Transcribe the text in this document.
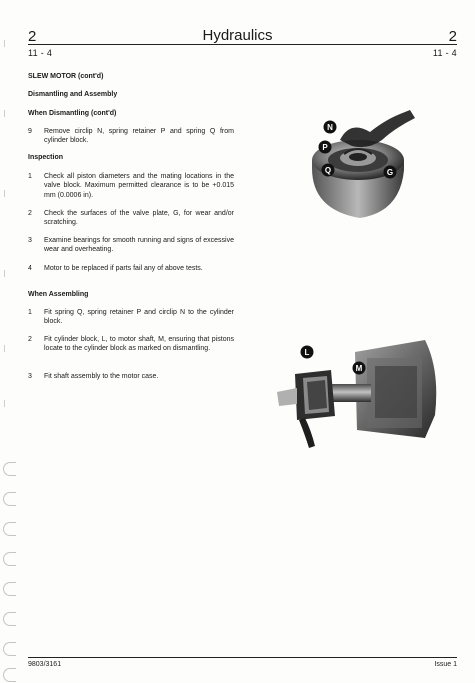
2	Hydraulics	2
11 - 4	11 - 4
SLEW MOTOR (cont'd)
Dismantling and Assembly
When Dismantling (cont'd)
9	Remove circlip N, spring retainer P and spring Q from cylinder block.
Inspection
1	Check all piston diameters and the mating locations in the valve block. Maximum permitted clearance is to be +0.015 mm (0.0006 in).
2	Check the surfaces of the valve plate, G, for wear and/or scratching.
3	Examine bearings for smooth running and signs of excessive wear and overheating.
4	Motor to be replaced if parts fail any of above tests.
When Assembling
1	Fit spring Q, spring retainer P and circlip N to the cylinder block.
2	Fit cylinder block, L, to motor shaft, M, ensuring that pistons locate to the cylinder block as marked on dismantling.
3	Fit shaft assembly to the motor case.
N
P
Q	G
L
M
9803/3161	Issue 1
